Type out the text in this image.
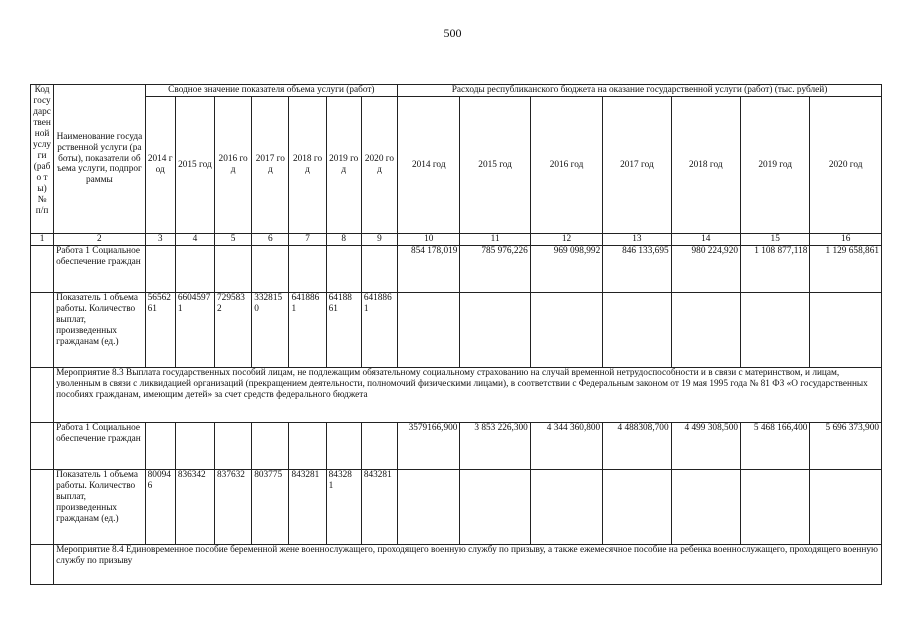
500
Код госу дарс твен ной услу ги (рабо ты) № п/п	Наименование государственной услуги (работы), показатели объема услуги, подпрограммы	Сводное значение показателя объема услуги (работ)							Расходы республиканского бюджета на оказание государственной услуги (работ) (тыс. рублей)						
		2014 год	2015 год	2016 год	2017 год	2018 год	2019 год	2020 год	2014 год	2015 год	2016 год	2017 год	2018 год	2019 год	2020 год
1	2	3	4	5	6	7	8	9	10	11	12	13	14	15	16
	Работа 1 Социальное обеспечение граждан								854 178,019	785 976,226	969 098,992	846 133,695	980 224,920	1 108 877,118	1 129 658,861
	Показатель 1 объема работы. Количество выплат, произведенных гражданам (ед.)	5656261	66045971	7295832	3328150	6418861	64188 61	6418861							
	Мероприятие 8.3 Выплата государственных пособий лицам, не подлежащим обязательному социальному страхованию на случай временной нетрудоспособности и в связи с материнством, и лицам, уволенным в связи с ликвидацией организаций (прекращением деятельности, полномочий физическими лицами), в соответствии с Федеральным законом от 19 мая 1995 года № 81 ФЗ «О государственных пособиях гражданам, имеющим детей» за счет средств федерального бюджета														
	Работа 1 Социальное обеспечение граждан								3579166,900	3 853 226,300	4 344 360,800	4 488308,700	4 499 308,500	5 468 166,400	5 696 373,900
	Показатель 1 объема работы. Количество выплат, произведенных гражданам (ед.)	800946	836342	837632	803775	843281	84328 1	843281							
	Мероприятие 8.4 Единовременное пособие беременной жене военнослужащего, проходящего военную службу по призыву, а также ежемесячное пособие на ребенка военнослужащего, проходящего военную службу по призыву														
